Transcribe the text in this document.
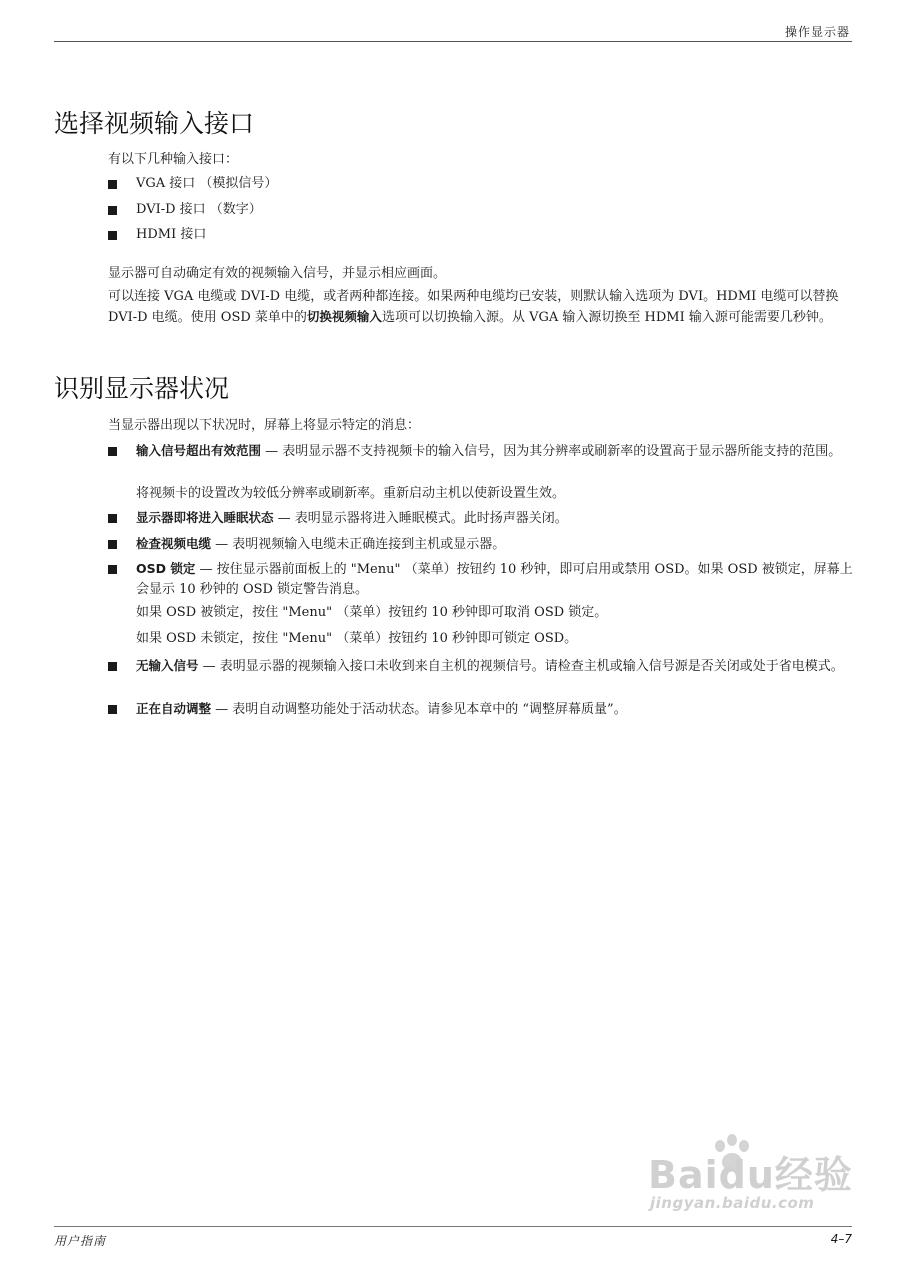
操作显示器
选择视频输入接口

有以下几种输入接口：

VGA 接口 （模拟信号）
DVI-D 接口 （数字）
HDMI 接口

显示器可自动确定有效的视频输入信号，并显示相应画面。

可以连接 VGA 电缆或 DVI-D 电缆，或者两种都连接。如果两种电缆均已安装，则默认输入选项为 DVI。HDMI 电缆可以替换 DVI-D 电缆。使用 OSD 菜单中的切换视频输入选项可以切换输入源。从 VGA 输入源切换至 HDMI 输入源可能需要几秒钟。

识别显示器状况

当显示器出现以下状况时，屏幕上将显示特定的消息：

输入信号超出有效范围 — 表明显示器不支持视频卡的输入信号，因为其分辨率或刷新率的设置高于显示器所能支持的范围。

将视频卡的设置改为较低分辨率或刷新率。重新启动主机以使新设置生效。

显示器即将进入睡眠状态 — 表明显示器将进入睡眠模式。此时扬声器关闭。
检查视频电缆 — 表明视频输入电缆未正确连接到主机或显示器。
OSD 锁定 — 按住显示器前面板上的 "Menu" （菜单）按钮约 10 秒钟，即可启用或禁用 OSD。如果 OSD 被锁定，屏幕上会显示 10 秒钟的 OSD 锁定警告消息。

如果 OSD 被锁定，按住 "Menu" （菜单）按钮约 10 秒钟即可取消 OSD 锁定。

如果 OSD 未锁定，按住 "Menu" （菜单）按钮约 10 秒钟即可锁定 OSD。

无输入信号 — 表明显示器的视频输入接口未收到来自主机的视频信号。请检查主机或输入信号源是否关闭或处于省电模式。
正在自动调整 — 表明自动调整功能处于活动状态。请参见本章中的 “调整屏幕质量”。
Baidu经验
jingyan.baidu.com
用户指南	4–7
